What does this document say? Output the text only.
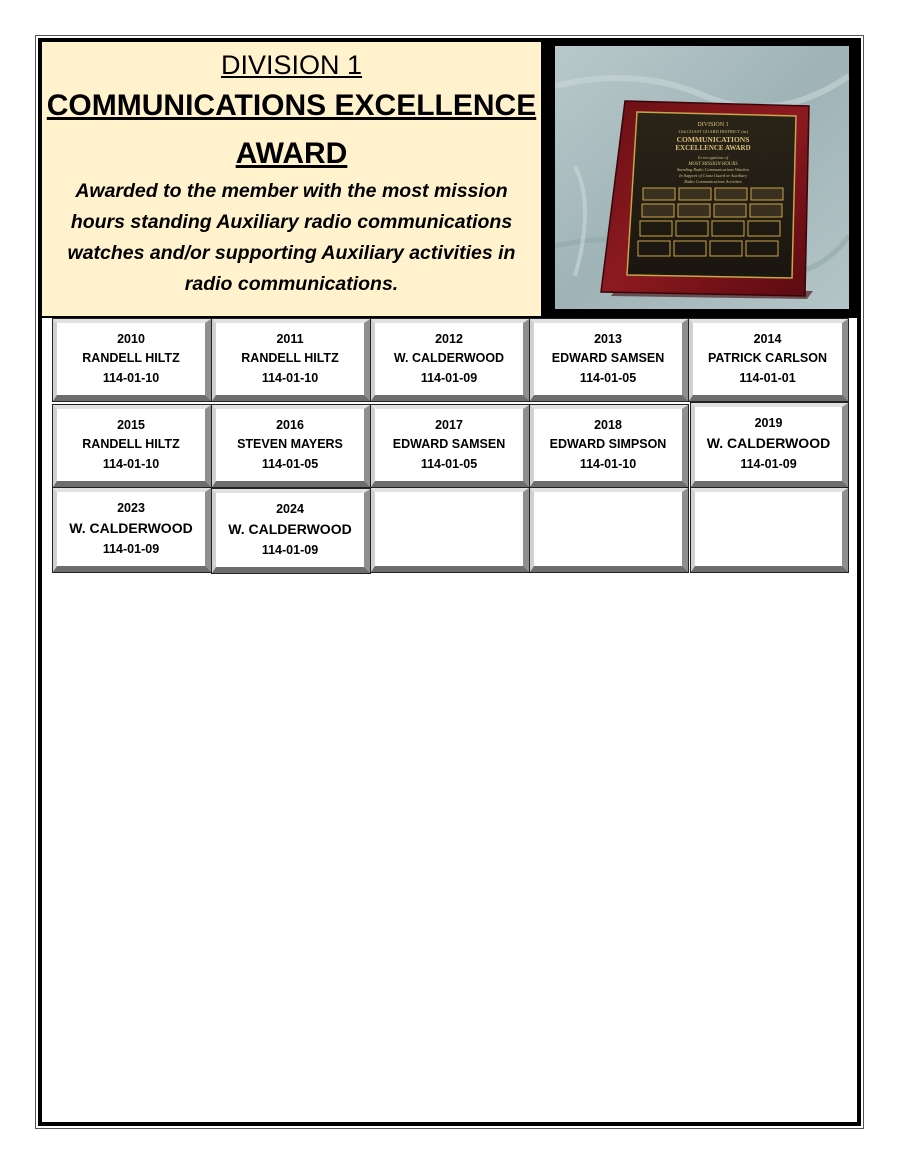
DIVISION 1
COMMUNICATIONS EXCELLENCE
AWARD
Awarded to the member with the most mission hours standing Auxiliary radio communications watches and/or supporting Auxiliary activities in radio communications.
DIVISION 1
11th COAST GUARD DISTRICT (nr)
COMMUNICATIONS
EXCELLENCE AWARD
In recognition of
MOST MISSION HOURS
Standing Radio Communications Watches
In Support of Coast Guard or Auxiliary
Radio Communications Activities
2010
RANDELL HILTZ
114-01-10
2011
RANDELL HILTZ
114-01-10
2012
W. CALDERWOOD
114-01-09
2013
EDWARD SAMSEN
114-01-05
2014
PATRICK CARLSON
114-01-01
2015
RANDELL HILTZ
114-01-10
2016
STEVEN MAYERS
114-01-05
2017
EDWARD SAMSEN
114-01-05
2018
EDWARD SIMPSON
114-01-10
2019
W. CALDERWOOD
114-01-09
2023
W. CALDERWOOD
114-01-09
2024
W. CALDERWOOD
114-01-09
